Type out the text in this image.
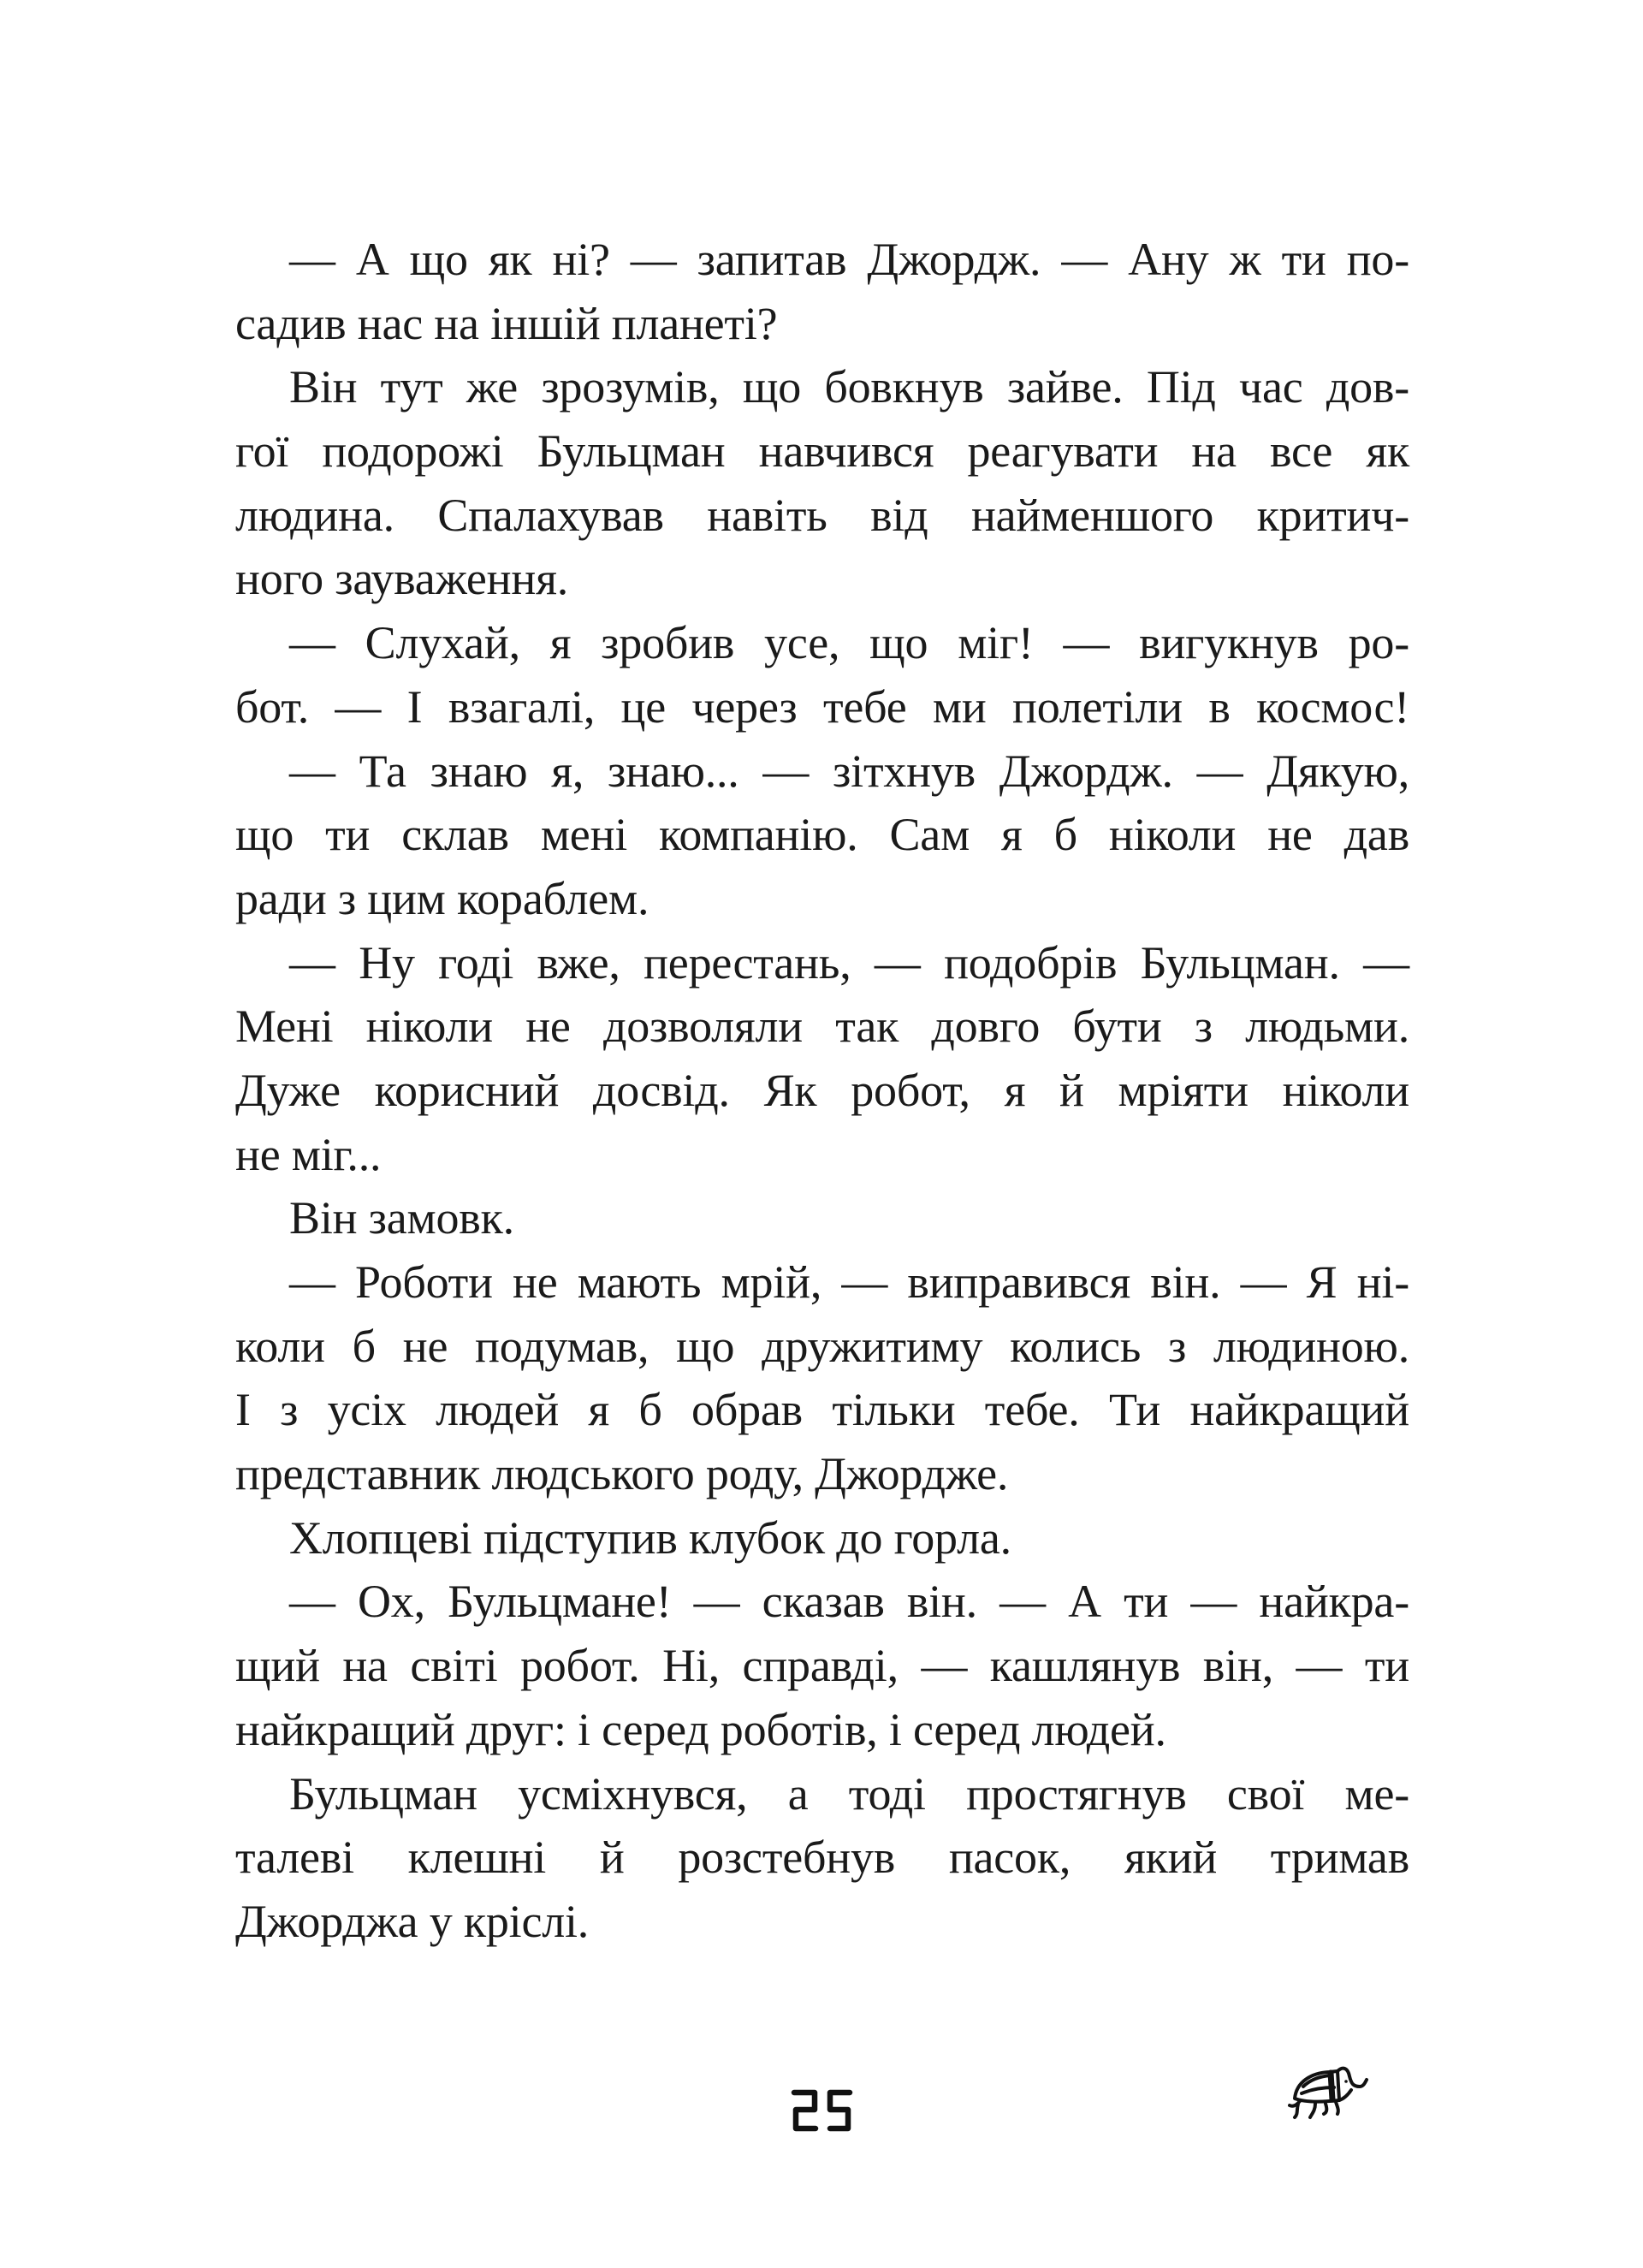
— А що як ні? — запитав Джордж. — Ану ж ти по-
садив нас на іншій планеті?
Він тут же зрозумів, що бовкнув зайве. Під час дов-
гої подорожі Бульцман навчився реагувати на все як
людина. Спалахував навіть від найменшого критич-
ного зауваження.
— Слухай, я зробив усе, що міг! — вигукнув ро-
бот. — І взагалі, це через тебе ми полетіли в космос!
— Та знаю я, знаю... — зітхнув Джордж. — Дякую,
що ти склав мені компанію. Сам я б ніколи не дав
ради з цим кораблем.
— Ну годі вже, перестань, — подобрів Бульцман. —
Мені ніколи не дозволяли так довго бути з людьми.
Дуже корисний досвід. Як робот, я й мріяти ніколи
не міг...
Він замовк.
— Роботи не мають мрій, — виправився він. — Я ні-
коли б не подумав, що дружитиму колись з людиною.
І з усіх людей я б обрав тільки тебе. Ти найкращий
представник людського роду, Джордже.
Хлопцеві підступив клубок до горла.
— Ох, Бульцмане! — сказав він. — А ти — найкра-
щий на світі робот. Ні, справді, — кашлянув він, — ти
найкращий друг: і серед роботів, і серед людей.
Бульцман усміхнувся, а тоді простягнув свої ме-
талеві клешні й розстебнув пасок, який тримав
Джорджа у кріслі.
